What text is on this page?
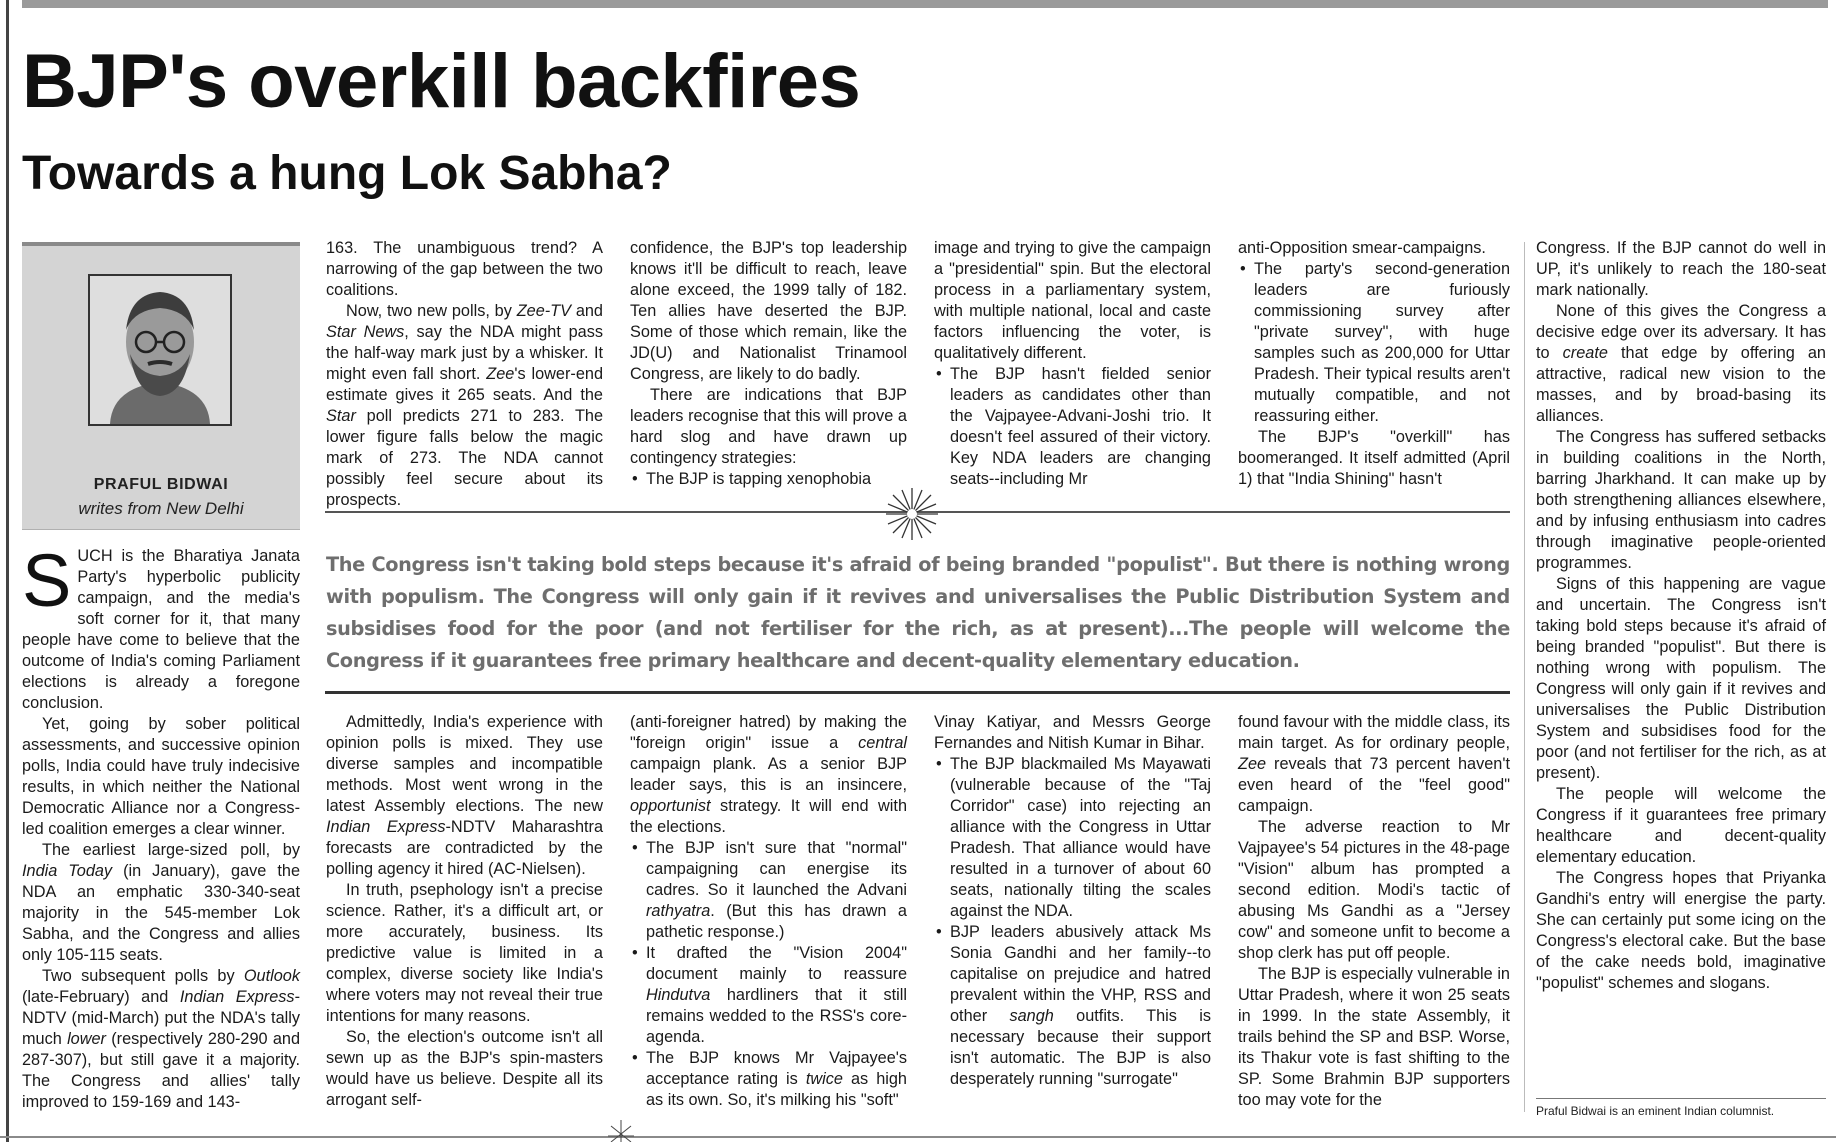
BJP's overkill backfires
Towards a hung Lok Sabha?
PRAFUL BIDWAI
writes from New Delhi

SUCH is the Bharatiya Janata Party's hyperbolic publicity campaign, and the media's soft corner for it, that many people have come to believe that the outcome of India's coming Parliament elections is already a foregone conclusion.

Yet, going by sober political assessments, and successive opinion polls, India could have truly indecisive results, in which neither the National Democratic Alliance nor a Congress-led coalition emerges a clear winner.

The earliest large-sized poll, by India Today (in January), gave the NDA an emphatic 330-340-seat majority in the 545-member Lok Sabha, and the Congress and allies only 105-115 seats.

Two subsequent polls by Outlook (late-February) and Indian Express-NDTV (mid-March) put the NDA's tally much lower (respectively 280-290 and 287-307), but still gave it a majority. The Congress and allies' tally improved to 159-169 and 143-

163. The unambiguous trend? A narrowing of the gap between the two coalitions.

Now, two new polls, by Zee-TV and Star News, say the NDA might pass the half-way mark just by a whisker. It might even fall short. Zee's lower-end estimate gives it 265 seats. And the Star poll predicts 271 to 283. The lower figure falls below the magic mark of 273. The NDA cannot possibly feel secure about its prospects.

confidence, the BJP's top leadership knows it'll be difficult to reach, leave alone exceed, the 1999 tally of 182. Ten allies have deserted the BJP. Some of those which remain, like the JD(U) and Nationalist Trinamool Congress, are likely to do badly.

There are indications that BJP leaders recognise that this will prove a hard slog and have drawn up contingency strategies:

• The BJP is tapping xenophobia

image and trying to give the campaign a "presidential" spin. But the electoral process in a parliamentary system, with multiple national, local and caste factors influencing the voter, is qualitatively different.

• The BJP hasn't fielded senior leaders as candidates other than the Vajpayee-Advani-Joshi trio. It doesn't feel assured of their victory. Key NDA leaders are changing seats--including Mr

anti-Opposition smear-campaigns.

• The party's second-generation leaders are furiously commissioning survey after "private survey", with huge samples such as 200,000 for Uttar Pradesh. Their typical results aren't mutually compatible, and not reassuring either.

The BJP's "overkill" has boomeranged. It itself admitted (April 1) that "India Shining" hasn't

The Congress isn't taking bold steps because it's afraid of being branded "populist". But there is nothing wrong with populism. The Congress will only gain if it revives and universalises the Public Distribution System and subsidises food for the poor (and not fertiliser for the rich, as at present)...The people will welcome the Congress if it guarantees free primary healthcare and decent-quality elementary education.

Admittedly, India's experience with opinion polls is mixed. They use diverse samples and incompatible methods. Most went wrong in the latest Assembly elections. The new Indian Express-NDTV Maharashtra forecasts are contradicted by the polling agency it hired (AC-Nielsen).

In truth, psephology isn't a precise science. Rather, it's a difficult art, or more accurately, business. Its predictive value is limited in a complex, diverse society like India's where voters may not reveal their true intentions for many reasons.

So, the election's outcome isn't all sewn up as the BJP's spin-masters would have us believe. Despite all its arrogant self-

(anti-foreigner hatred) by making the "foreign origin" issue a central campaign plank. As a senior BJP leader says, this is an insincere, opportunist strategy. It will end with the elections.

• The BJP isn't sure that "normal" campaigning can energise its cadres. So it launched the Advani rathyatra. (But this has drawn a pathetic response.)

• It drafted the "Vision 2004" document mainly to reassure Hindutva hardliners that it still remains wedded to the RSS's core-agenda.

• The BJP knows Mr Vajpayee's acceptance rating is twice as high as its own. So, it's milking his "soft"

Vinay Katiyar, and Messrs George Fernandes and Nitish Kumar in Bihar.

• The BJP blackmailed Ms Mayawati (vulnerable because of the "Taj Corridor" case) into rejecting an alliance with the Congress in Uttar Pradesh. That alliance would have resulted in a turnover of about 60 seats, nationally tilting the scales against the NDA.

• BJP leaders abusively attack Ms Sonia Gandhi and her family--to capitalise on prejudice and hatred prevalent within the VHP, RSS and other sangh outfits. This is necessary because their support isn't automatic. The BJP is also desperately running "surrogate"

found favour with the middle class, its main target. As for ordinary people, Zee reveals that 73 percent haven't even heard of the "feel good" campaign.

The adverse reaction to Mr Vajpayee's 54 pictures in the 48-page "Vision" album has prompted a second edition. Modi's tactic of abusing Ms Gandhi as a "Jersey cow" and someone unfit to become a shop clerk has put off people.

The BJP is especially vulnerable in Uttar Pradesh, where it won 25 seats in 1999. In the state Assembly, it trails behind the SP and BSP. Worse, its Thakur vote is fast shifting to the SP. Some Brahmin BJP supporters too may vote for the

Congress. If the BJP cannot do well in UP, it's unlikely to reach the 180-seat mark nationally.

None of this gives the Congress a decisive edge over its adversary. It has to create that edge by offering an attractive, radical new vision to the masses, and by broad-basing its alliances.

The Congress has suffered setbacks in building coalitions in the North, barring Jharkhand. It can make up by both strengthening alliances elsewhere, and by infusing enthusiasm into cadres through imaginative people-oriented programmes.

Signs of this happening are vague and uncertain. The Congress isn't taking bold steps because it's afraid of being branded "populist". But there is nothing wrong with populism. The Congress will only gain if it revives and universalises the Public Distribution System and subsidises food for the poor (and not fertiliser for the rich, as at present).

The people will welcome the Congress if it guarantees free primary healthcare and decent-quality elementary education.

The Congress hopes that Priyanka Gandhi's entry will energise the party. She can certainly put some icing on the Congress's electoral cake. But the base of the cake needs bold, imaginative "populist" schemes and slogans.

Praful Bidwai is an eminent Indian columnist.
